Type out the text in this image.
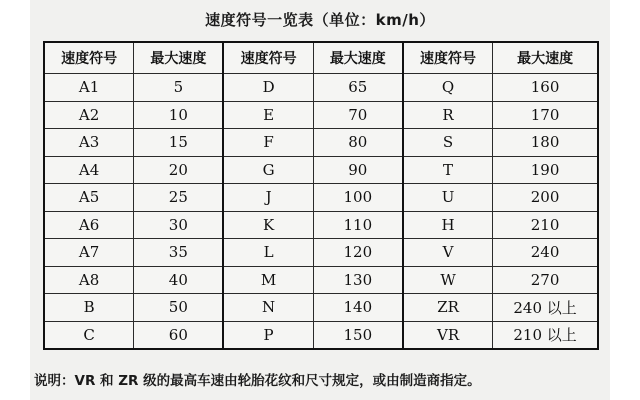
速度符号一览表（单位：km/h）
速度符号	最大速度	速度符号	最大速度	速度符号	最大速度
A1	5	D	65	Q	160
A2	10	E	70	R	170
A3	15	F	80	S	180
A4	20	G	90	T	190
A5	25	J	100	U	200
A6	30	K	110	H	210
A7	35	L	120	V	240
A8	40	M	130	W	270
B	50	N	140	ZR	240 以上
C	60	P	150	VR	210 以上
说明：VR 和 ZR 级的最高车速由轮胎花纹和尺寸规定，或由制造商指定。
